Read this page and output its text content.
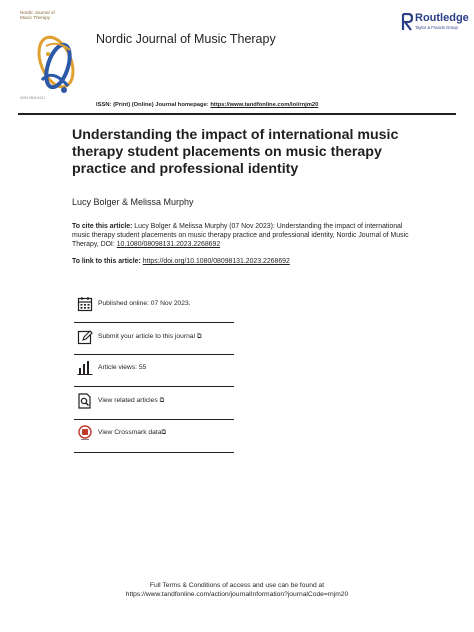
Nordic Journal of
Music Therapy
ISSN 0809-8131
Nordic Journal of Music Therapy
Routledge
Taylor & Francis Group
ISSN: (Print) (Online) Journal homepage: https://www.tandfonline.com/loi/rnjm20
Understanding the impact of international music therapy student placements on music therapy practice and professional identity
Lucy Bolger & Melissa Murphy
To cite this article: Lucy Bolger & Melissa Murphy (07 Nov 2023): Understanding the impact of international music therapy student placements on music therapy practice and professional identity, Nordic Journal of Music Therapy, DOI: 10.1080/08098131.2023.2268692
To link to this article: https://doi.org/10.1080/08098131.2023.2268692
Published online: 07 Nov 2023.
Submit your article to this journal ⧉
Article views: 55
View related articles ⧉
View Crossmark data⧉
Full Terms & Conditions of access and use can be found at
https://www.tandfonline.com/action/journalInformation?journalCode=rnjm20
